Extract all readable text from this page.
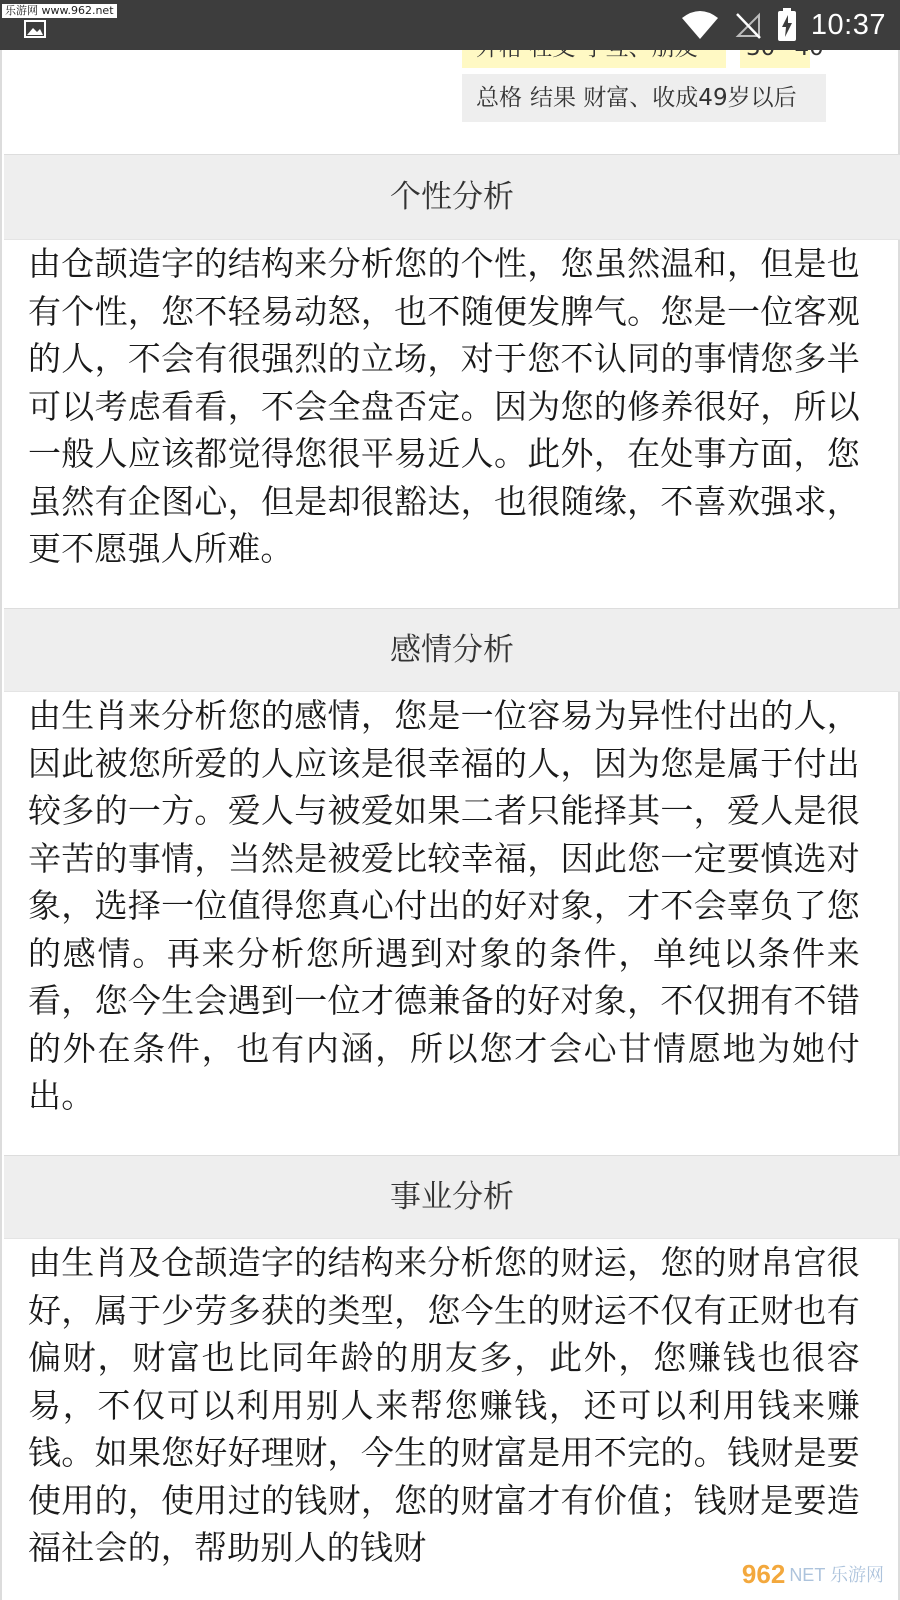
总格 结果 财富、收成49岁以后
个性分析
由仓颉造字的结构来分析您的个性，您虽然温和，但是也有个性，您不轻易动怒，也不随便发脾气。您是一位客观的人，不会有很强烈的立场，对于您不认同的事情您多半可以考虑看看，不会全盘否定。因为您的修养很好，所以一般人应该都觉得您很平易近人。此外，在处事方面，您虽然有企图心，但是却很豁达，也很随缘，不喜欢强求，更不愿强人所难。
感情分析
由生肖来分析您的感情，您是一位容易为异性付出的人，因此被您所爱的人应该是很幸福的人，因为您是属于付出较多的一方。爱人与被爱如果二者只能择其一，爱人是很辛苦的事情，当然是被爱比较幸福，因此您一定要慎选对象，选择一位值得您真心付出的好对象，才不会辜负了您的感情。再来分析您所遇到对象的条件，单纯以条件来看，您今生会遇到一位才德兼备的好对象，不仅拥有不错的外在条件，也有内涵，所以您才会心甘情愿地为她付出。
事业分析
由生肖及仓颉造字的结构来分析您的财运，您的财帛宫很好，属于少劳多获的类型，您今生的财运不仅有正财也有偏财，财富也比同年龄的朋友多，此外，您赚钱也很容易，不仅可以利用别人来帮您赚钱，还可以利用钱来赚钱。如果您好好理财，今生的财富是用不完的。钱财是要使用的，使用过的钱财，您的财富才有价值；钱财是要造福社会的，帮助别人的钱财
962 NET 乐游网
乐游网 www.962.net	10:37
